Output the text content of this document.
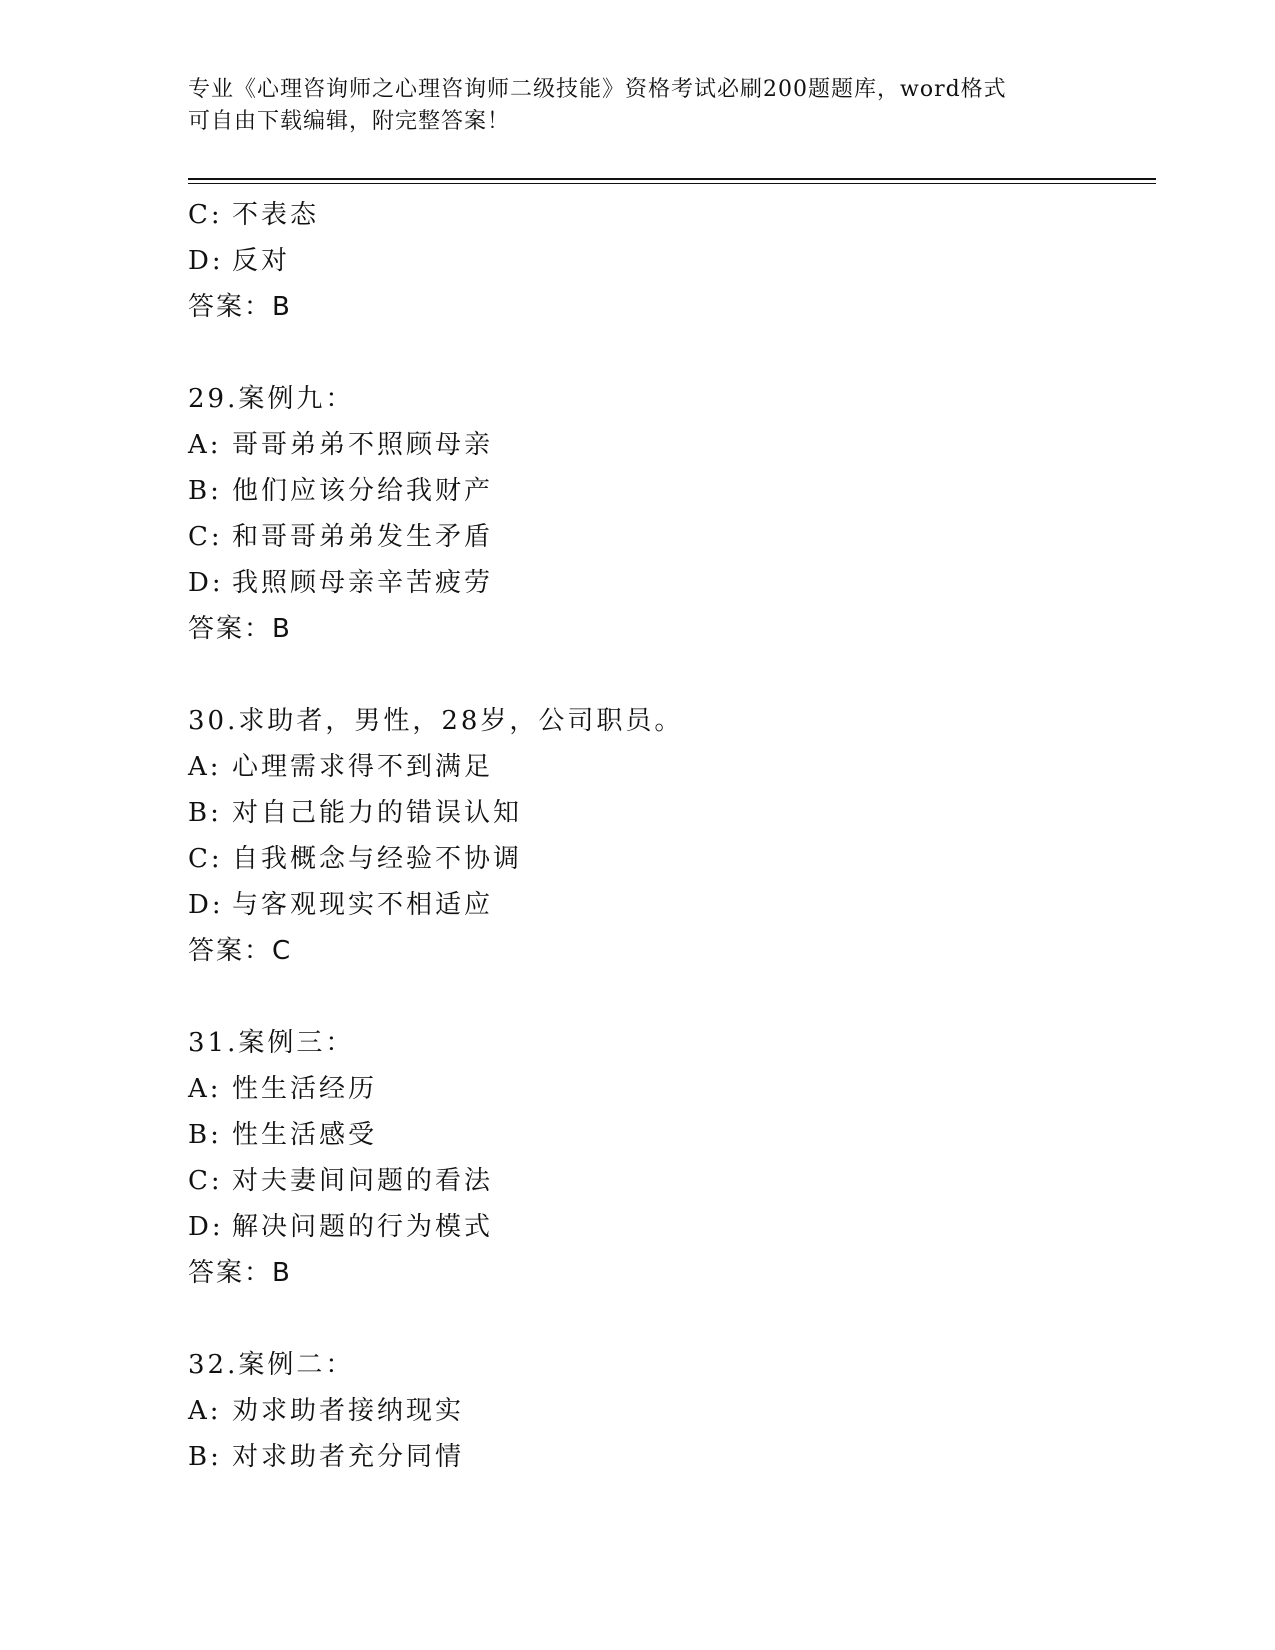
专业《心理咨询师之心理咨询师二级技能》资格考试必刷200题题库，word格式
可自由下载编辑，附完整答案！
C: 不表态
D: 反对
答案：B
29.案例九：
A: 哥哥弟弟不照顾母亲
B: 他们应该分给我财产
C: 和哥哥弟弟发生矛盾
D: 我照顾母亲辛苦疲劳
答案：B
30.求助者，男性，28岁，公司职员。
A: 心理需求得不到满足
B: 对自己能力的错误认知
C: 自我概念与经验不协调
D: 与客观现实不相适应
答案：C
31.案例三：
A: 性生活经历
B: 性生活感受
C: 对夫妻间问题的看法
D: 解决问题的行为模式
答案：B
32.案例二：
A: 劝求助者接纳现实
B: 对求助者充分同情
